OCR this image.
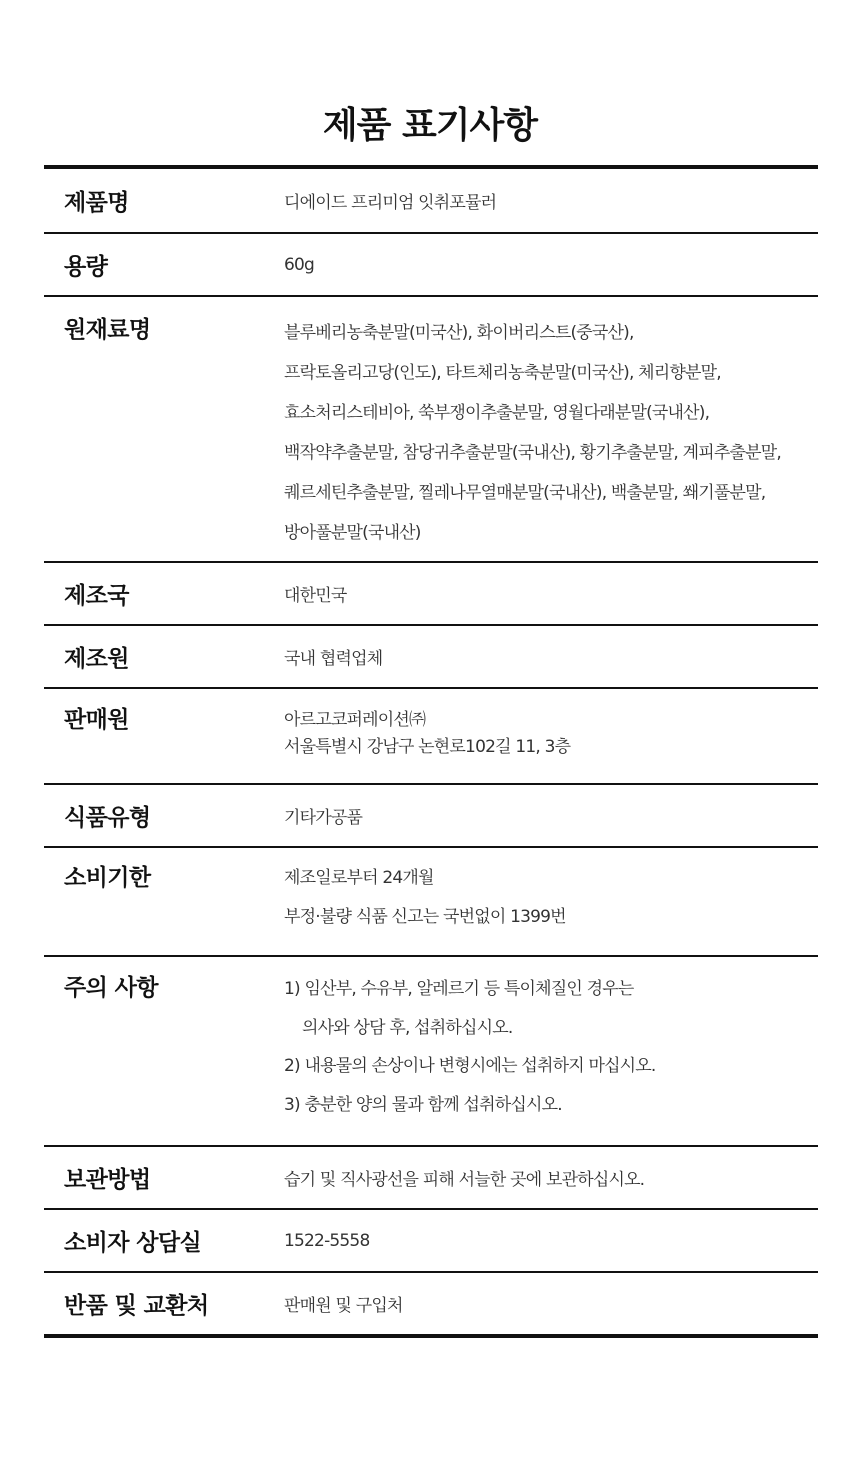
제품 표기사항
제품명	디에이드 프리미엄 잇취포뮬러
용량	60g
원재료명	블루베리농축분말(미국산), 화이버리스트(중국산),
프락토올리고당(인도), 타트체리농축분말(미국산), 체리향분말,
효소처리스테비아, 쑥부쟁이추출분말, 영월다래분말(국내산),
백작약추출분말, 참당귀추출분말(국내산), 황기추출분말, 계피추출분말,
퀘르세틴추출분말, 찔레나무열매분말(국내산), 백출분말, 쐐기풀분말,
방아풀분말(국내산)
제조국	대한민국
제조원	국내 협력업체
판매원	아르고코퍼레이션㈜
서울특별시 강남구 논현로102길 11, 3층
식품유형	기타가공품
소비기한	제조일로부터 24개월
부정·불량 식품 신고는 국번없이 1399번
주의 사항	1) 임산부, 수유부, 알레르기 등 특이체질인 경우는
의사와 상담 후, 섭취하십시오.
2) 내용물의 손상이나 변형시에는 섭취하지 마십시오.
3) 충분한 양의 물과 함께 섭취하십시오.
보관방법	습기 및 직사광선을 피해 서늘한 곳에 보관하십시오.
소비자 상담실	1522-5558
반품 및 교환처	판매원 및 구입처
